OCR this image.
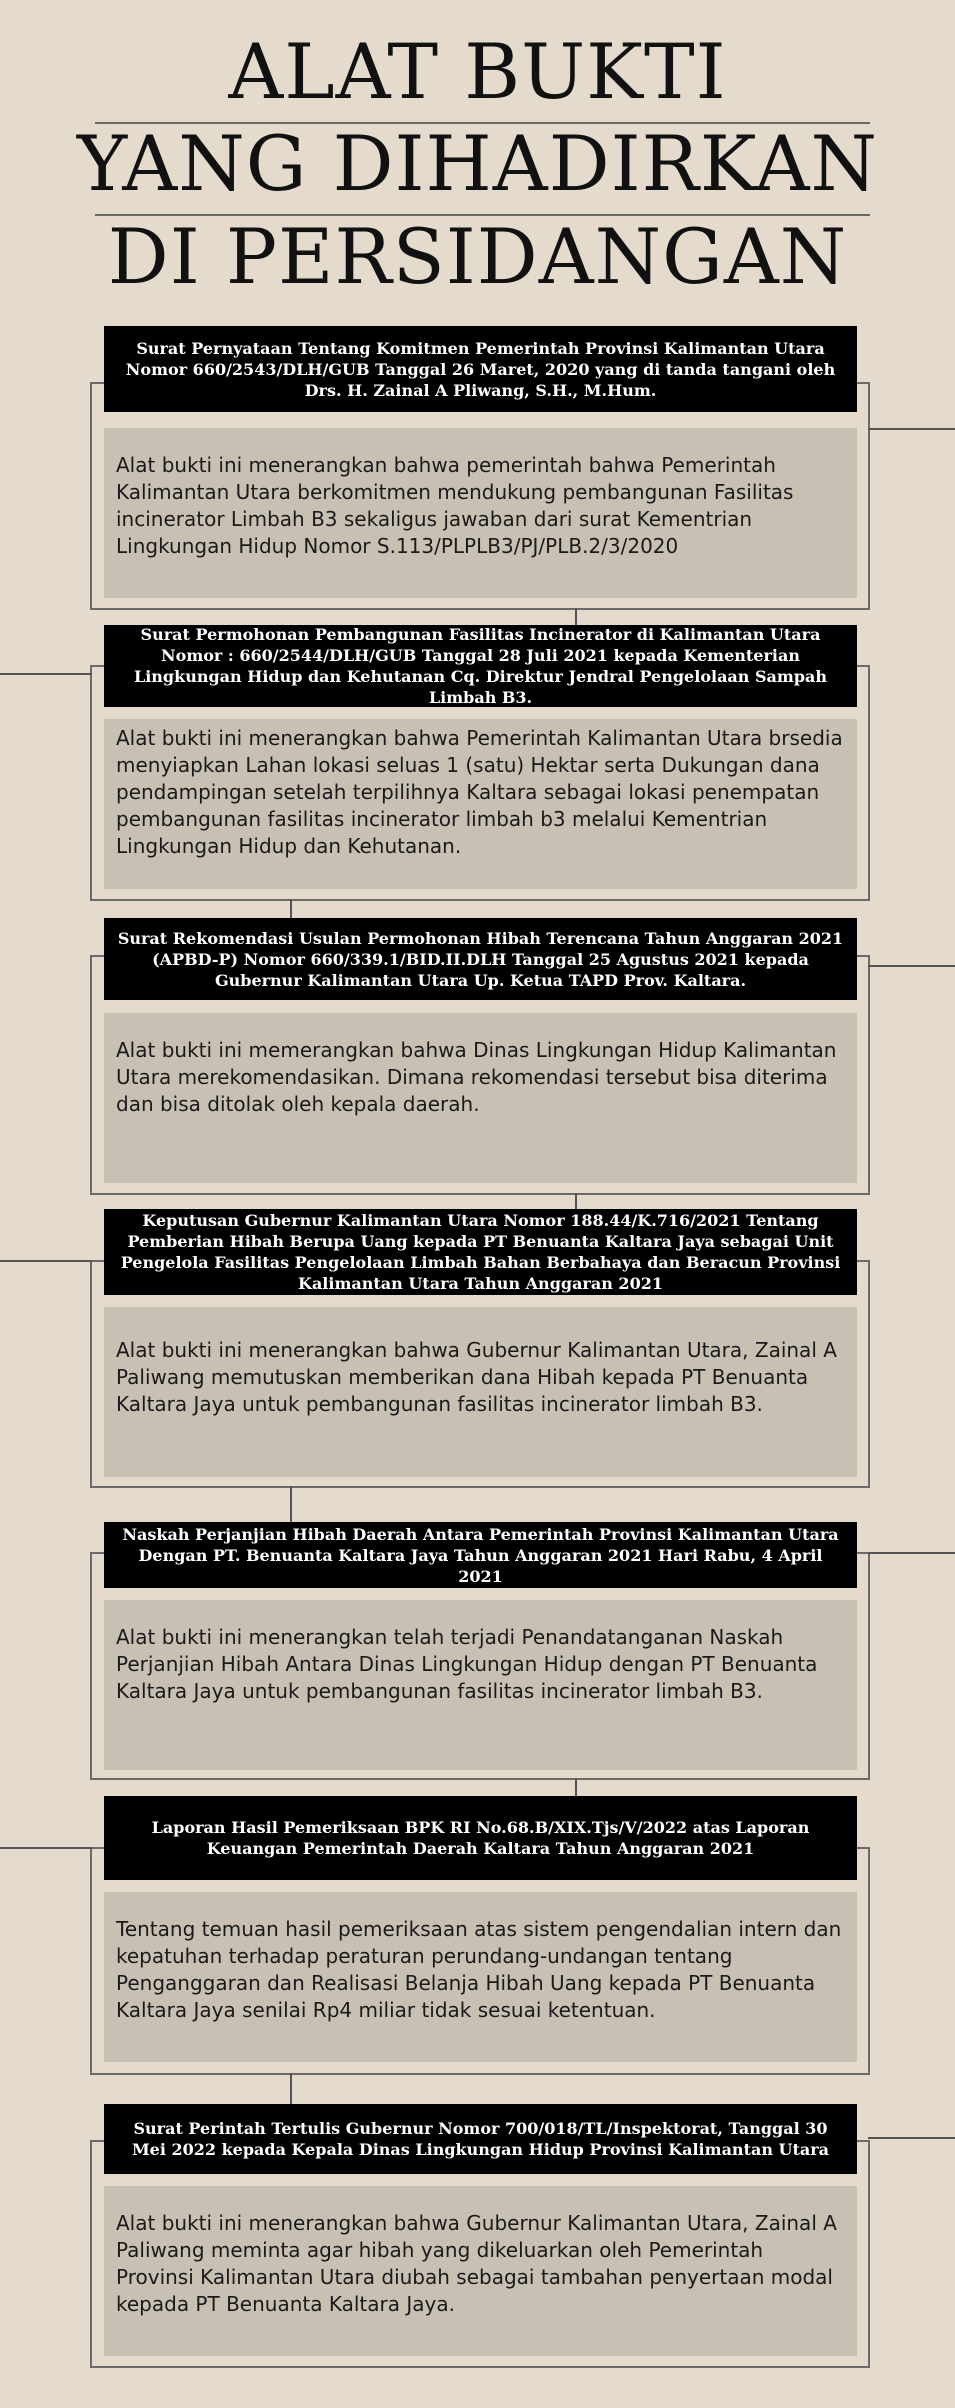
ALAT BUKTI
YANG DIHADIRKAN
DI PERSIDANGAN
Surat Pernyataan Tentang Komitmen Pemerintah Provinsi Kalimantan Utara Nomor 660/2543/DLH/GUB Tanggal 26 Maret, 2020 yang di tanda tangani oleh Drs. H. Zainal A Pliwang, S.H., M.Hum.
Alat bukti ini menerangkan bahwa pemerintah bahwa Pemerintah Kalimantan Utara berkomitmen mendukung pembangunan Fasilitas incinerator Limbah B3 sekaligus jawaban dari surat Kementrian Lingkungan Hidup Nomor S.113/PLPLB3/PJ/PLB.2/3/2020
Surat Permohonan Pembangunan Fasilitas Incinerator di Kalimantan Utara Nomor : 660/2544/DLH/GUB Tanggal 28 Juli 2021 kepada Kementerian Lingkungan Hidup dan Kehutanan Cq. Direktur Jendral Pengelolaan Sampah Limbah B3.
Alat bukti ini menerangkan bahwa Pemerintah Kalimantan Utara brsedia menyiapkan Lahan lokasi seluas 1 (satu) Hektar serta Dukungan dana pendampingan setelah terpilihnya Kaltara sebagai lokasi penempatan pembangunan fasilitas incinerator limbah b3 melalui Kementrian Lingkungan Hidup dan Kehutanan.
Surat Rekomendasi Usulan Permohonan Hibah Terencana Tahun Anggaran 2021 (APBD-P) Nomor 660/339.1/BID.II.DLH Tanggal 25 Agustus 2021 kepada Gubernur Kalimantan Utara Up. Ketua TAPD Prov. Kaltara.
Alat bukti ini memerangkan bahwa Dinas Lingkungan Hidup Kalimantan Utara merekomendasikan. Dimana rekomendasi tersebut bisa diterima dan bisa ditolak oleh kepala daerah.
Keputusan Gubernur Kalimantan Utara Nomor 188.44/K.716/2021 Tentang Pemberian Hibah Berupa Uang kepada PT Benuanta Kaltara Jaya sebagai Unit Pengelola Fasilitas Pengelolaan Limbah Bahan Berbahaya dan Beracun Provinsi Kalimantan Utara Tahun Anggaran 2021
Alat bukti ini menerangkan bahwa Gubernur Kalimantan Utara, Zainal A Paliwang memutuskan memberikan dana Hibah kepada PT Benuanta Kaltara Jaya untuk pembangunan fasilitas incinerator limbah B3.
Naskah Perjanjian Hibah Daerah Antara Pemerintah Provinsi Kalimantan Utara Dengan PT. Benuanta Kaltara Jaya Tahun Anggaran 2021 Hari Rabu, 4 April 2021
Alat bukti ini menerangkan telah terjadi Penandatanganan Naskah Perjanjian Hibah Antara Dinas Lingkungan Hidup dengan PT Benuanta Kaltara Jaya untuk pembangunan fasilitas incinerator limbah B3.
Laporan Hasil Pemeriksaan BPK RI No.68.B/XIX.Tjs/V/2022 atas Laporan Keuangan Pemerintah Daerah Kaltara Tahun Anggaran 2021
Tentang temuan hasil pemeriksaan atas sistem pengendalian intern dan kepatuhan terhadap peraturan perundang-undangan tentang Penganggaran dan Realisasi Belanja Hibah Uang kepada PT Benuanta Kaltara Jaya senilai Rp4 miliar tidak sesuai ketentuan.
Surat Perintah Tertulis Gubernur Nomor 700/018/TL/Inspektorat, Tanggal 30 Mei 2022 kepada Kepala Dinas Lingkungan Hidup Provinsi Kalimantan Utara
Alat bukti ini menerangkan bahwa Gubernur Kalimantan Utara, Zainal A Paliwang meminta agar hibah yang dikeluarkan oleh Pemerintah Provinsi Kalimantan Utara diubah sebagai tambahan penyertaan modal kepada PT Benuanta Kaltara Jaya.
